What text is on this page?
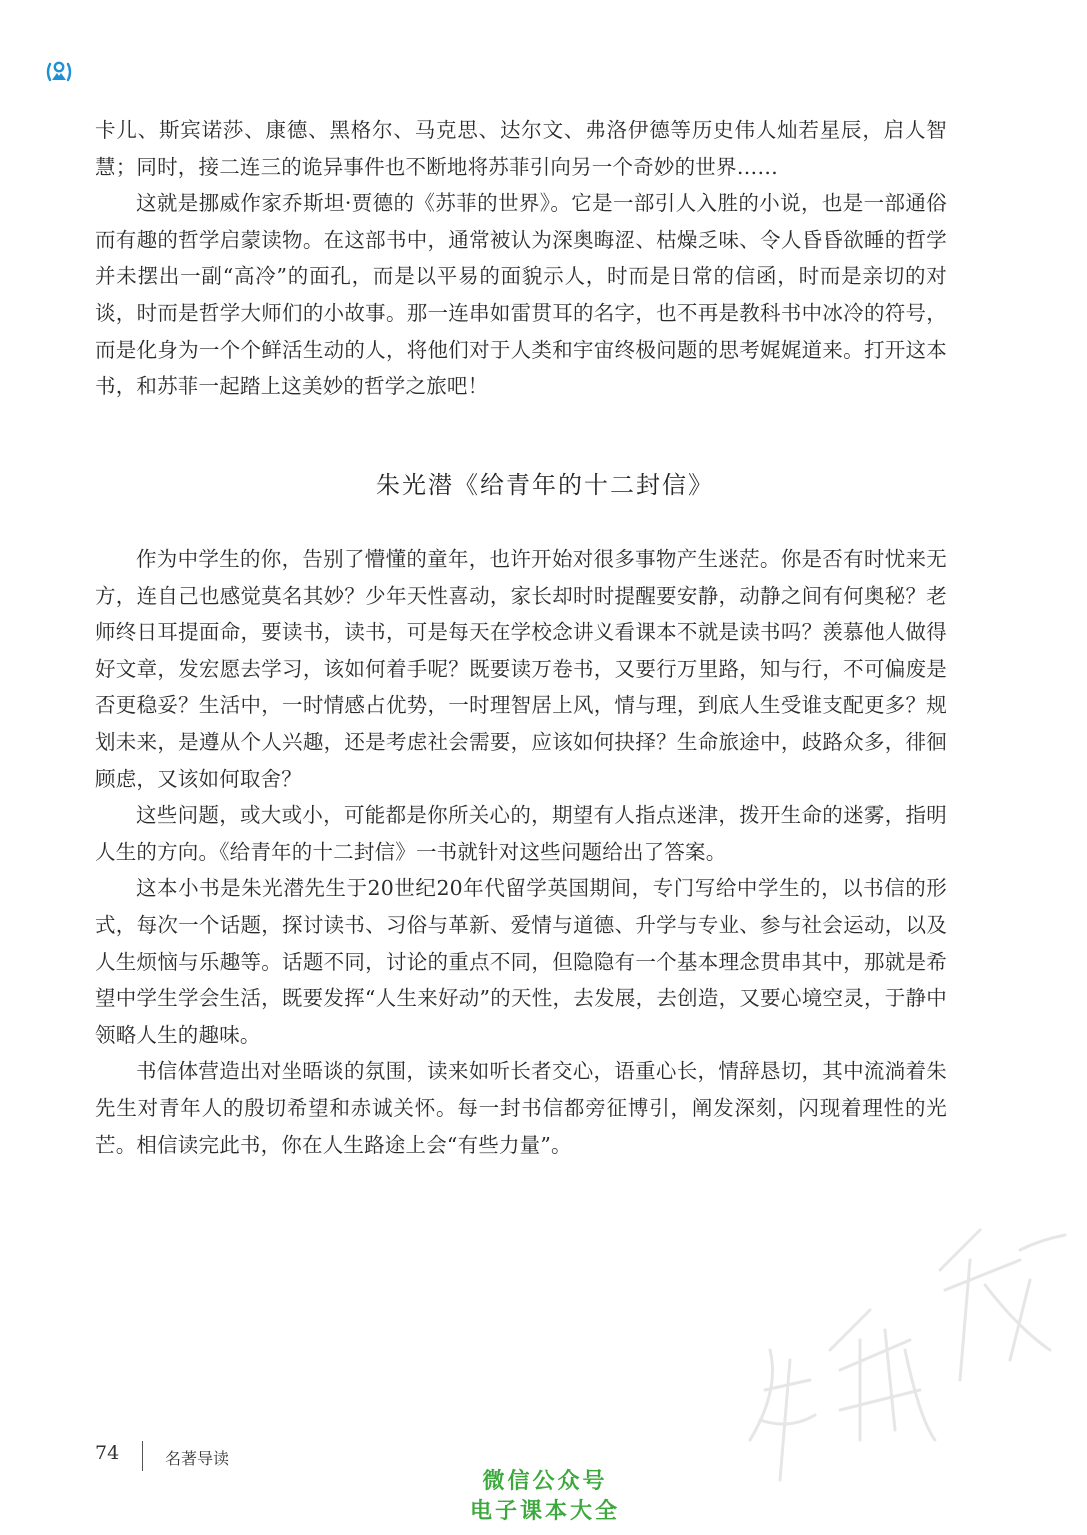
卡儿、斯宾诺莎、康德、黑格尔、马克思、达尔文、弗洛伊德等历史伟人灿若星辰，启人智慧；同时，接二连三的诡异事件也不断地将苏菲引向另一个奇妙的世界……

这就是挪威作家乔斯坦·贾德的《苏菲的世界》。它是一部引人入胜的小说，也是一部通俗而有趣的哲学启蒙读物。在这部书中，通常被认为深奥晦涩、枯燥乏味、令人昏昏欲睡的哲学并未摆出一副“高冷”的面孔，而是以平易的面貌示人，时而是日常的信函，时而是亲切的对谈，时而是哲学大师们的小故事。那一连串如雷贯耳的名字，也不再是教科书中冰冷的符号，而是化身为一个个鲜活生动的人，将他们对于人类和宇宙终极问题的思考娓娓道来。打开这本书，和苏菲一起踏上这美妙的哲学之旅吧！

朱光潜《给青年的十二封信》

作为中学生的你，告别了懵懂的童年，也许开始对很多事物产生迷茫。你是否有时忧来无方，连自己也感觉莫名其妙？少年天性喜动，家长却时时提醒要安静，动静之间有何奥秘？老师终日耳提面命，要读书，读书，可是每天在学校念讲义看课本不就是读书吗？羡慕他人做得好文章，发宏愿去学习，该如何着手呢？既要读万卷书，又要行万里路，知与行，不可偏废是否更稳妥？生活中，一时情感占优势，一时理智居上风，情与理，到底人生受谁支配更多？规划未来，是遵从个人兴趣，还是考虑社会需要，应该如何抉择？生命旅途中，歧路众多，徘徊顾虑，又该如何取舍？

这些问题，或大或小，可能都是你所关心的，期望有人指点迷津，拨开生命的迷雾，指明人生的方向。《给青年的十二封信》一书就针对这些问题给出了答案。

这本小书是朱光潜先生于20世纪20年代留学英国期间，专门写给中学生的，以书信的形式，每次一个话题，探讨读书、习俗与革新、爱情与道德、升学与专业、参与社会运动，以及人生烦恼与乐趣等。话题不同，讨论的重点不同，但隐隐有一个基本理念贯串其中，那就是希望中学生学会生活，既要发挥“人生来好动”的天性，去发展，去创造，又要心境空灵，于静中领略人生的趣味。

书信体营造出对坐晤谈的氛围，读来如听长者交心，语重心长，情辞恳切，其中流淌着朱先生对青年人的殷切希望和赤诚关怀。每一封书信都旁征博引，阐发深刻，闪现着理性的光芒。相信读完此书，你在人生路途上会“有些力量”。

74	名著导读
微信公众号
电子课本大全
